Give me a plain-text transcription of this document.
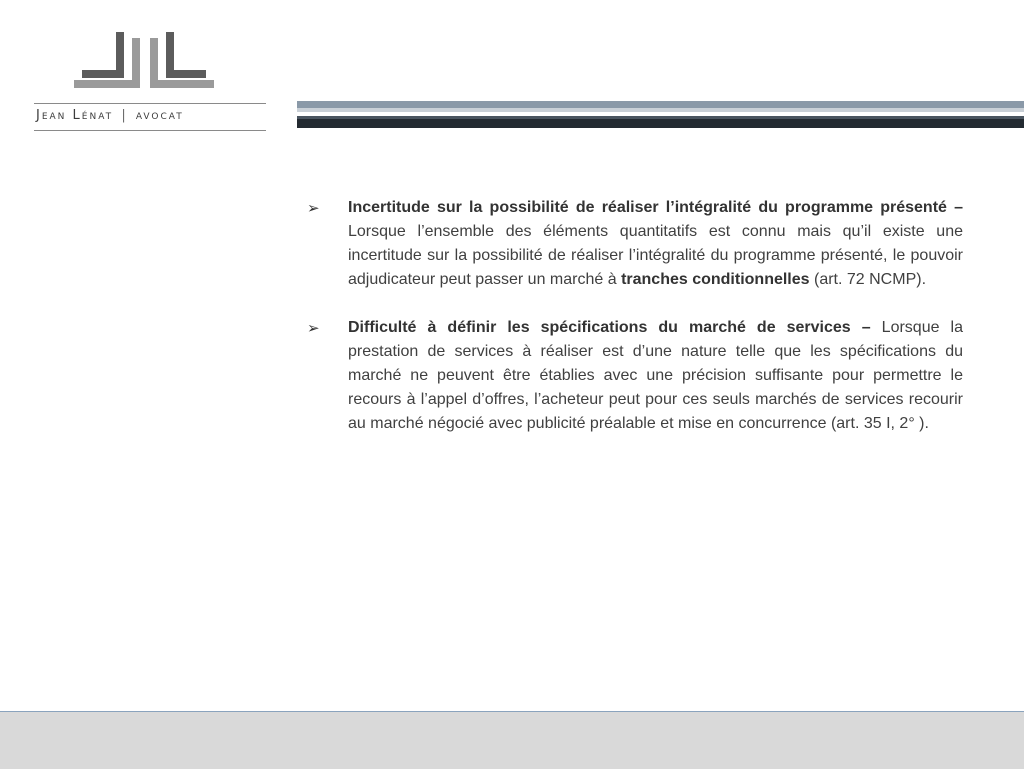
Jean Lénat | avocat
➢	Incertitude sur la possibilité de réaliser l’intégralité du programme présenté – Lorsque l’ensemble des éléments quantitatifs est connu mais qu’il existe une incertitude sur la possibilité de réaliser l’intégralité du programme présenté, le pouvoir adjudicateur peut passer un marché à tranches conditionnelles (art. 72 NCMP).
➢	Difficulté à définir les spécifications du marché de services – Lorsque la prestation de services à réaliser est d’une nature telle que les spécifications du marché ne peuvent être établies avec une précision suffisante pour permettre le recours à l’appel d’offres, l’acheteur peut pour ces seuls marchés de services recourir au marché négocié avec publicité préalable et mise en concurrence (art. 35 I, 2° ).
